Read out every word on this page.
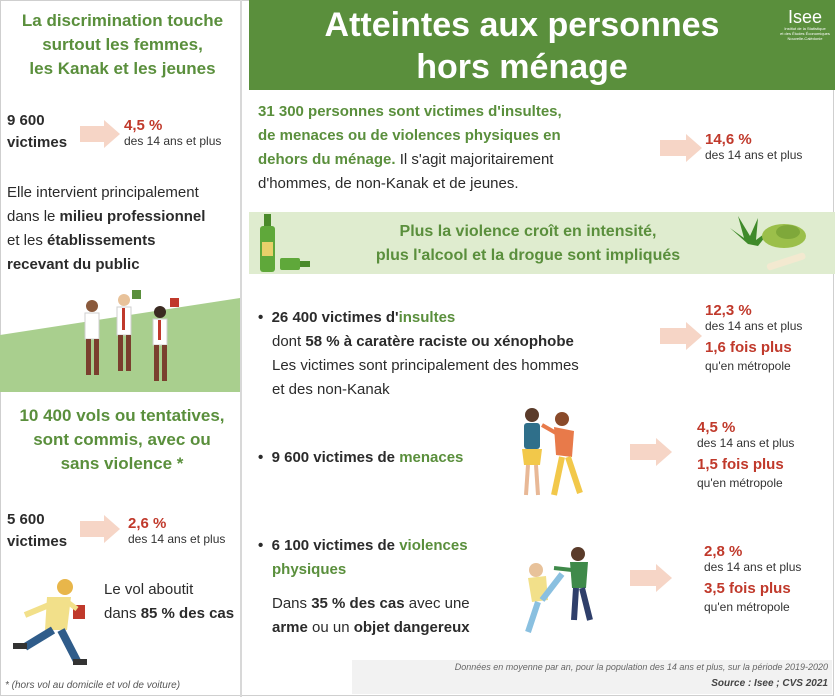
La discrimination touche
surtout les femmes,
les Kanak et les jeunes
9 600
victimes
4,5 %
des 14 ans et plus
Elle intervient principalement
dans le milieu professionnel
et les établissements
recevant du public
10 400 vols ou tentatives,
sont commis, avec ou
sans violence *
5 600
victimes
2,6 %
des 14 ans et plus
Le vol aboutit
dans 85 % des cas
* (hors vol au domicile et vol de voiture)
Atteintes aux personnes
hors ménage
Isee
Institut de la Statistique
et des Études Économiques
Nouvelle-Calédonie
31 300 personnes sont victimes d'insultes,
de menaces ou de violences physiques en
dehors du ménage. Il s'agit majoritairement
d'hommes, de non-Kanak et de jeunes.
14,6 %
des 14 ans et plus
Plus la violence croît en intensité,
plus l'alcool et la drogue sont impliqués
•  26 400 victimes d'insultes
dont 58 % à caratère raciste ou xénophobe
Les victimes sont principalement des hommes
et des non-Kanak
12,3 %
des 14 ans et plus
1,6 fois plus
qu'en métropole
•  9 600 victimes de menaces
4,5 %
des 14 ans et plus
1,5 fois plus
qu'en métropole
•  6 100 victimes de violences
physiques
Dans 35 % des cas avec une
arme ou un objet dangereux
2,8 %
des 14 ans et plus
3,5 fois plus
qu'en métropole
Données en moyenne par an, pour la population des 14 ans et plus, sur la période 2019-2020
Source : Isee ; CVS 2021
